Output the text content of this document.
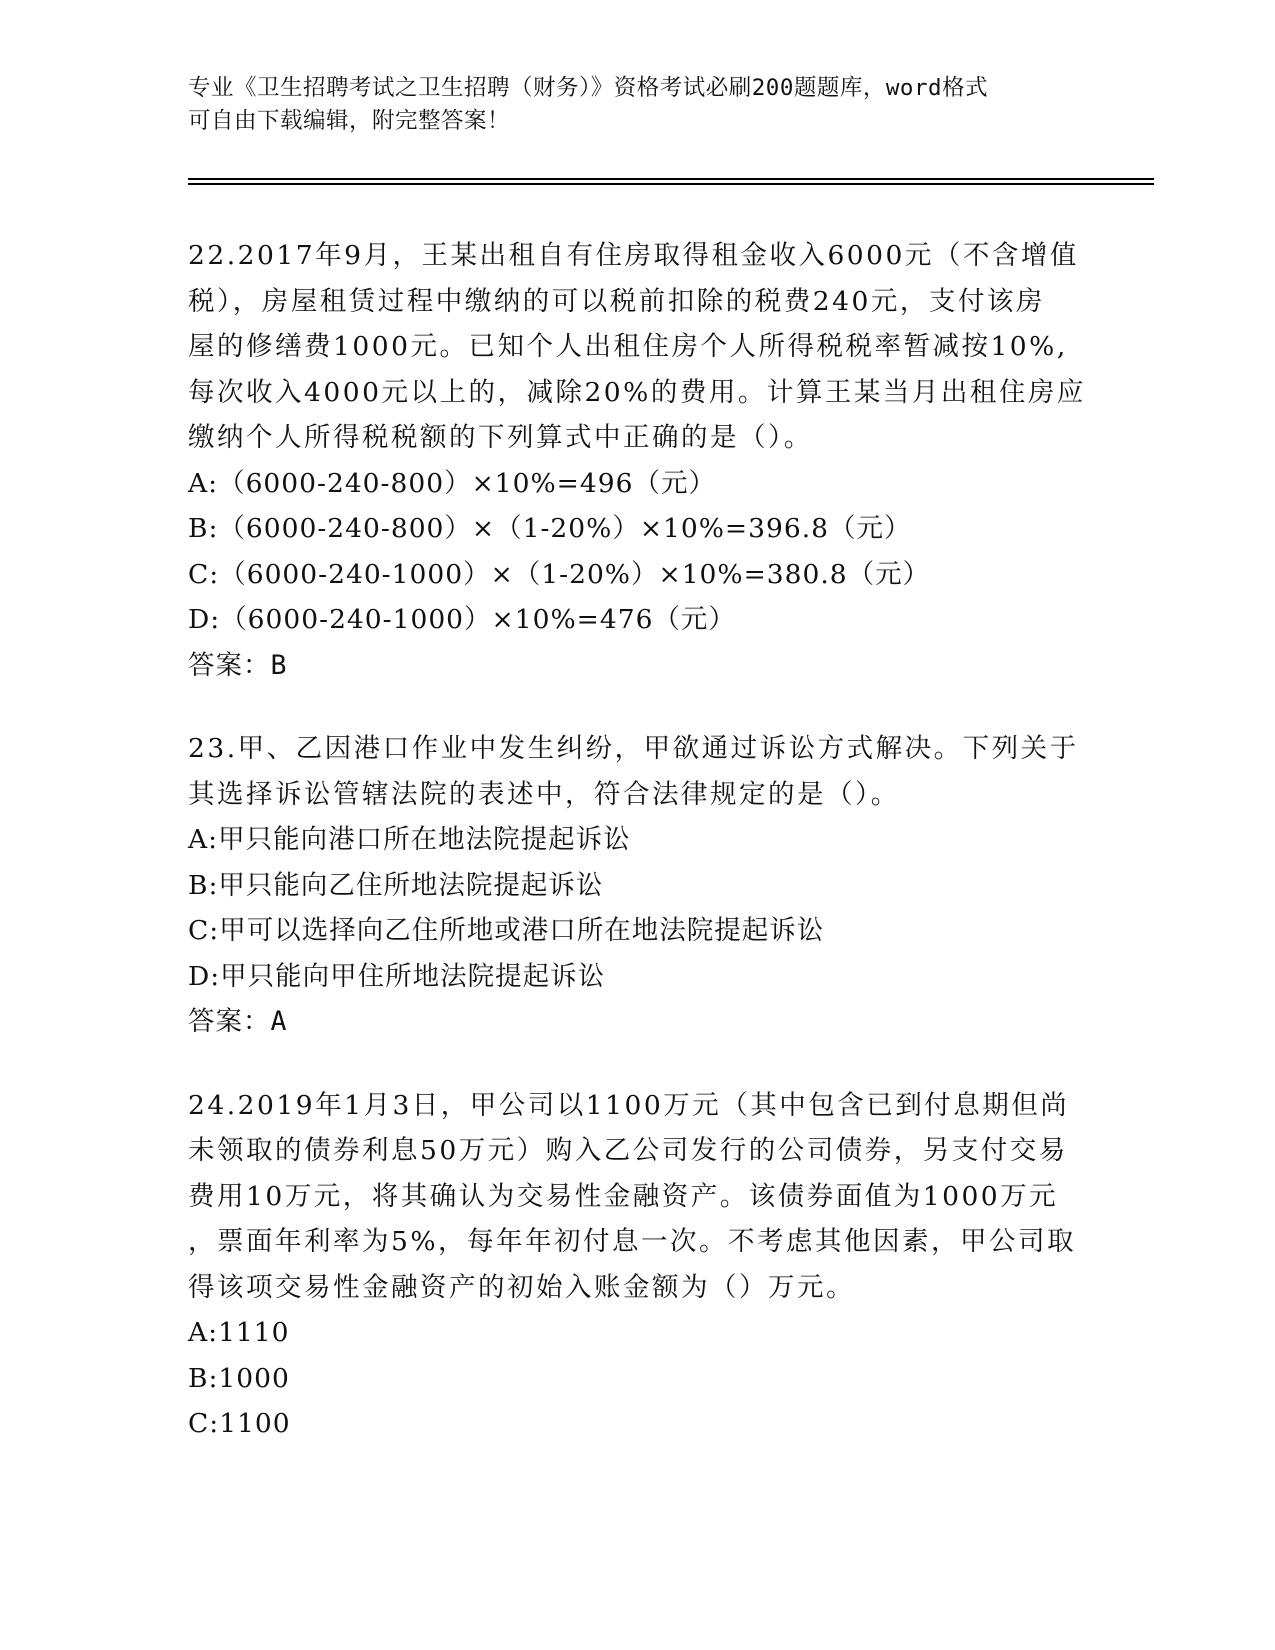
专业《卫生招聘考试之卫生招聘（财务）》资格考试必刷200题题库，word格式
可自由下载编辑，附完整答案！

22.2017年9月，王某出租自有住房取得租金收入6000元（不含增值

税），房屋租赁过程中缴纳的可以税前扣除的税费240元，支付该房

屋的修缮费1000元。已知个人出租住房个人所得税税率暂减按10%,

每次收入4000元以上的，减除20%的费用。计算王某当月出租住房应

缴纳个人所得税税额的下列算式中正确的是（）。

A:（6000-240-800）×10%=496（元）

B:（6000-240-800）×（1-20%）×10%=396.8（元）

C:（6000-240-1000）×（1-20%）×10%=380.8（元）

D:（6000-240-1000）×10%=476（元）

答案：B

23.甲、乙因港口作业中发生纠纷，甲欲通过诉讼方式解决。下列关于

其选择诉讼管辖法院的表述中，符合法律规定的是（）。

A:甲只能向港口所在地法院提起诉讼

B:甲只能向乙住所地法院提起诉讼

C:甲可以选择向乙住所地或港口所在地法院提起诉讼

D:甲只能向甲住所地法院提起诉讼

答案：A

24.2019年1月3日，甲公司以1100万元（其中包含已到付息期但尚

未领取的债券利息50万元）购入乙公司发行的公司债券，另支付交易

费用10万元，将其确认为交易性金融资产。该债券面值为1000万元

，票面年利率为5%，每年年初付息一次。不考虑其他因素，甲公司取

得该项交易性金融资产的初始入账金额为（）万元。

A:1110

B:1000

C:1100
